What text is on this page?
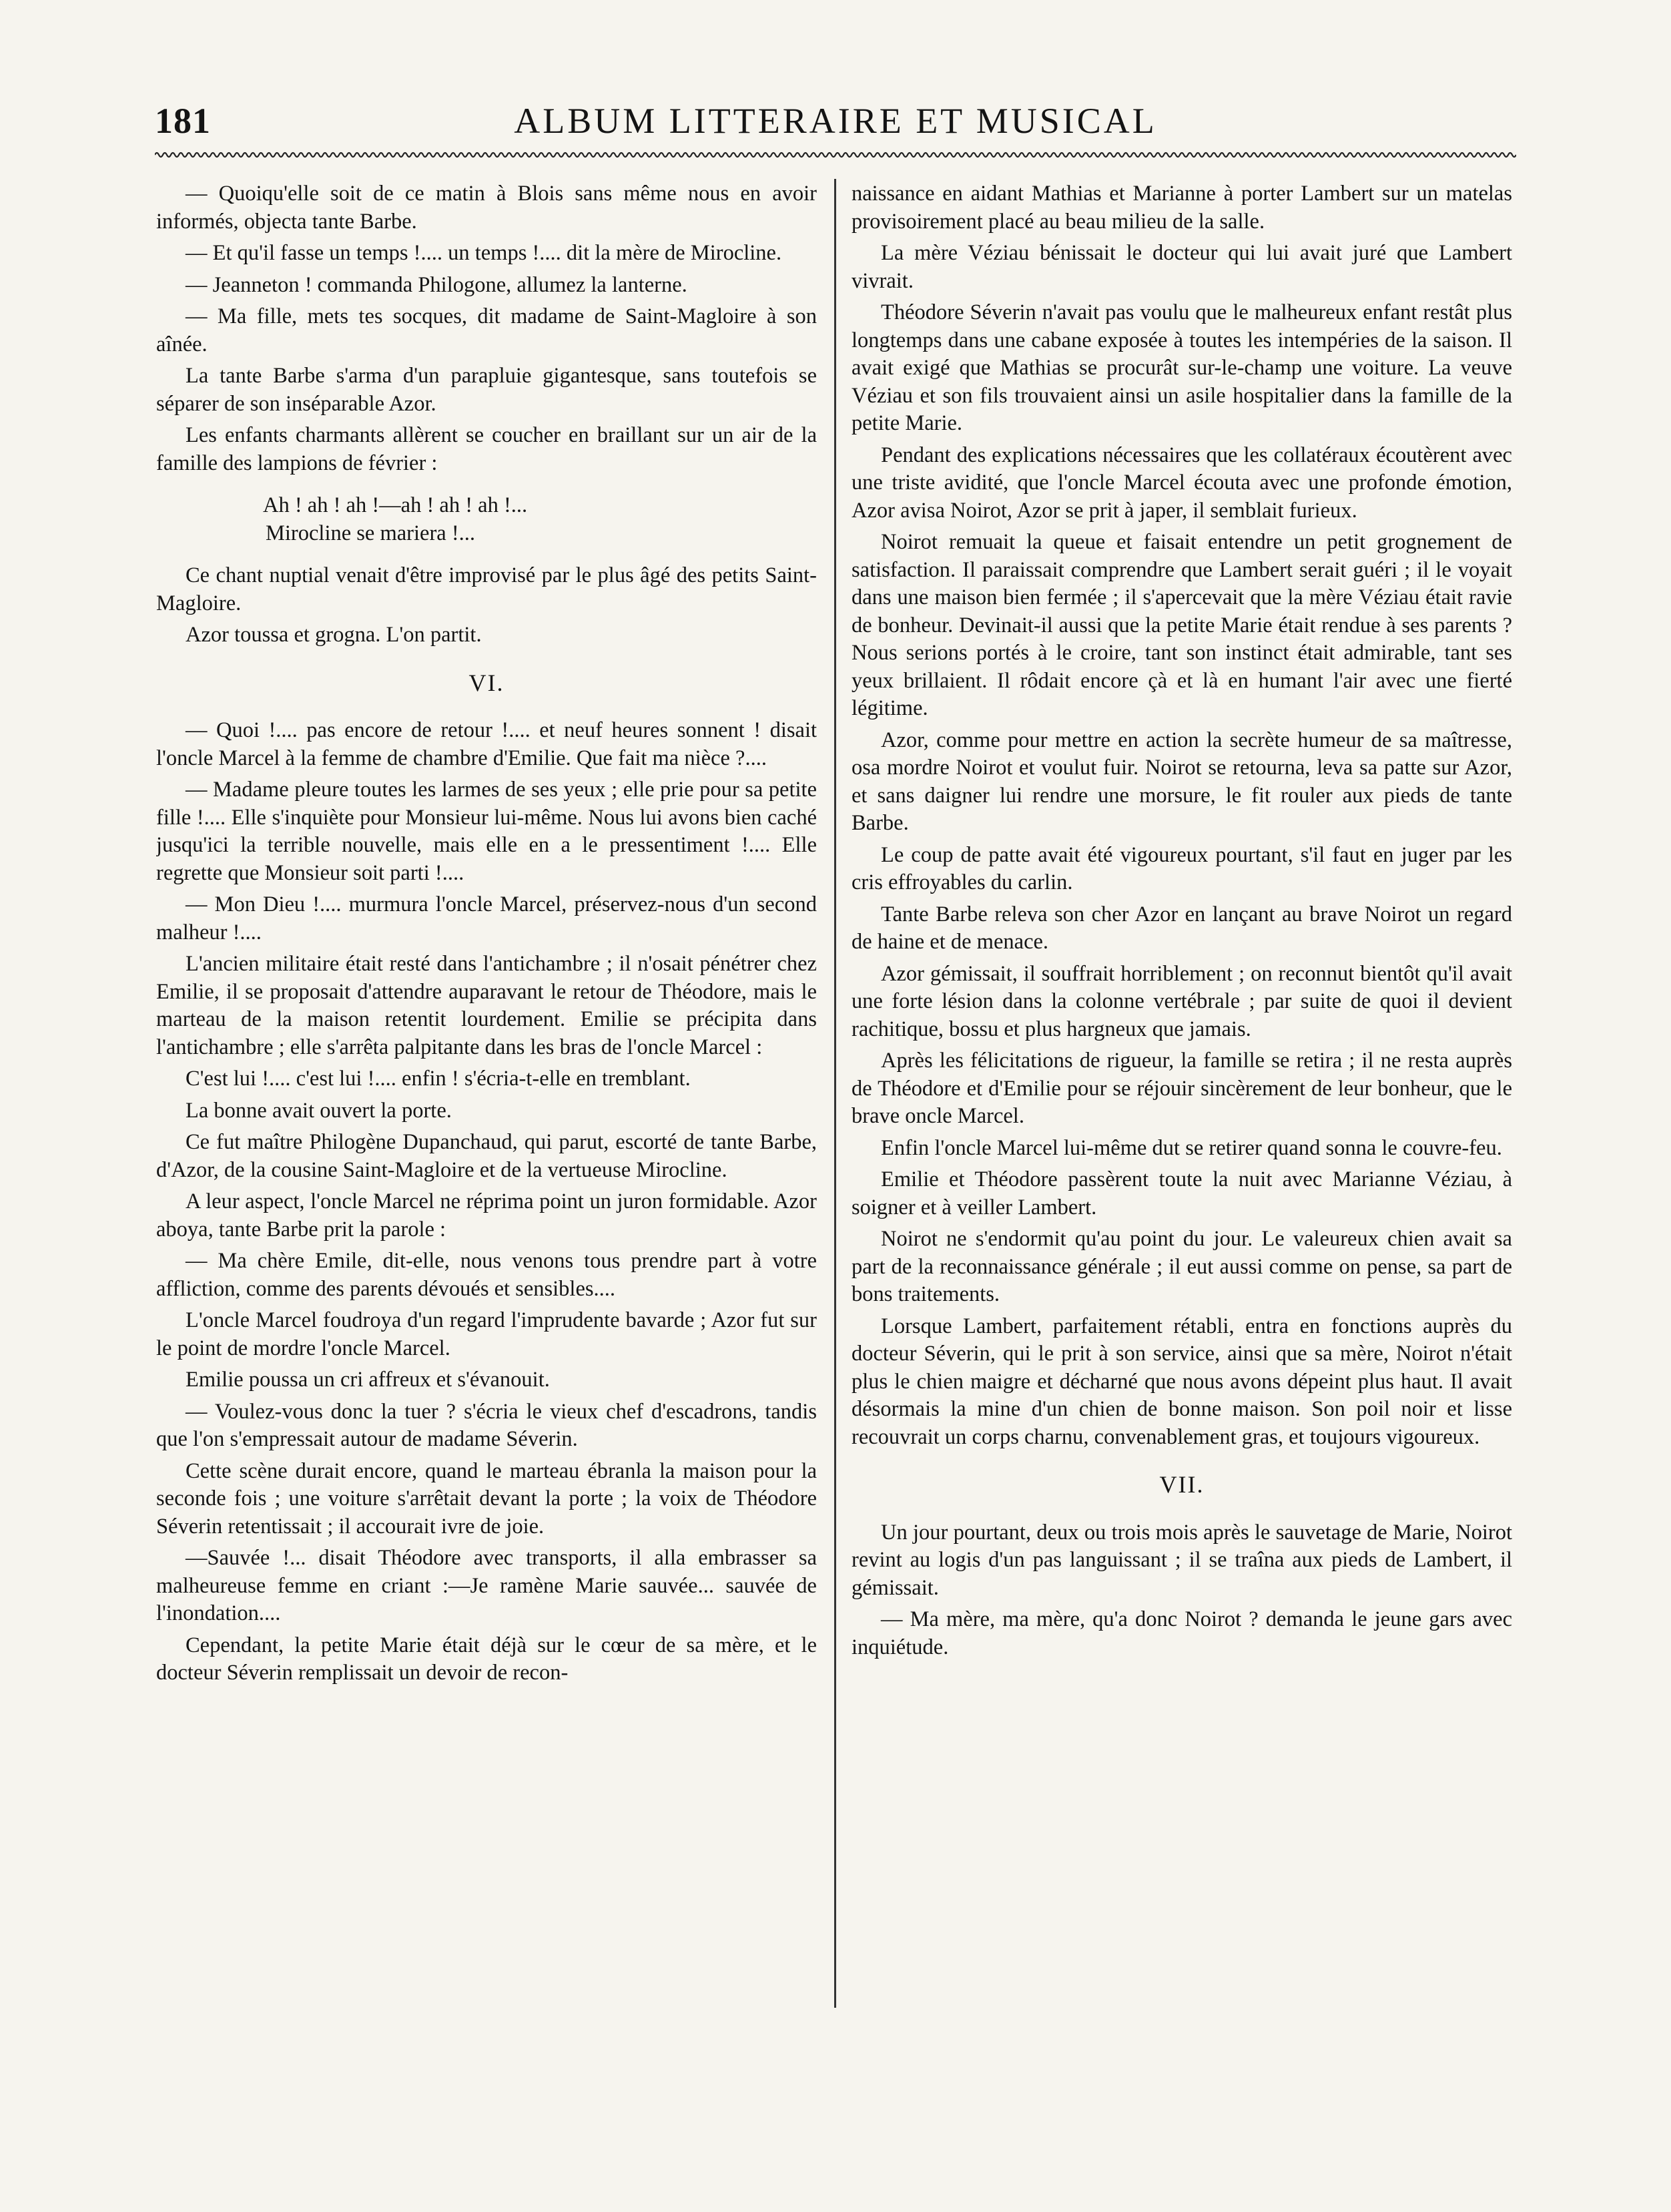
181	ALBUM LITTERAIRE ET MUSICAL

— Quoiqu'elle soit de ce matin à Blois sans même nous en avoir informés, objecta tante Barbe.

— Et qu'il fasse un temps !.... un temps !.... dit la mère de Mirocline.

— Jeanneton ! commanda Philogone, allumez la lanterne.

— Ma fille, mets tes socques, dit madame de Saint-Magloire à son aînée.

La tante Barbe s'arma d'un parapluie gigantesque, sans toutefois se séparer de son inséparable Azor.

Les enfants charmants allèrent se coucher en braillant sur un air de la famille des lampions de février :

Ah ! ah ! ah !—ah ! ah ! ah !...
Mirocline se mariera !...

Ce chant nuptial venait d'être improvisé par le plus âgé des petits Saint-Magloire.

Azor toussa et grogna. L'on partit.

VI.

— Quoi !.... pas encore de retour !.... et neuf heures sonnent ! disait l'oncle Marcel à la femme de chambre d'Emilie. Que fait ma nièce ?....

— Madame pleure toutes les larmes de ses yeux ; elle prie pour sa petite fille !.... Elle s'inquiète pour Monsieur lui-même. Nous lui avons bien caché jusqu'ici la terrible nouvelle, mais elle en a le pressentiment !.... Elle regrette que Monsieur soit parti !....

— Mon Dieu !.... murmura l'oncle Marcel, préservez-nous d'un second malheur !....

L'ancien militaire était resté dans l'antichambre ; il n'osait pénétrer chez Emilie, il se proposait d'attendre auparavant le retour de Théodore, mais le marteau de la maison retentit lourdement. Emilie se précipita dans l'antichambre ; elle s'arrêta palpitante dans les bras de l'oncle Marcel :

C'est lui !.... c'est lui !.... enfin ! s'écria-t-elle en tremblant.

La bonne avait ouvert la porte.

Ce fut maître Philogène Dupanchaud, qui parut, escorté de tante Barbe, d'Azor, de la cousine Saint-Magloire et de la vertueuse Mirocline.

A leur aspect, l'oncle Marcel ne réprima point un juron formidable. Azor aboya, tante Barbe prit la parole :

— Ma chère Emile, dit-elle, nous venons tous prendre part à votre affliction, comme des parents dévoués et sensibles....

L'oncle Marcel foudroya d'un regard l'imprudente bavarde ; Azor fut sur le point de mordre l'oncle Marcel.

Emilie poussa un cri affreux et s'évanouit.

— Voulez-vous donc la tuer ? s'écria le vieux chef d'escadrons, tandis que l'on s'empressait autour de madame Séverin.

Cette scène durait encore, quand le marteau ébranla la maison pour la seconde fois ; une voiture s'arrêtait devant la porte ; la voix de Théodore Séverin retentissait ; il accourait ivre de joie.

—Sauvée !... disait Théodore avec transports, il alla embrasser sa malheureuse femme en criant :—Je ramène Marie sauvée... sauvée de l'inondation....

Cependant, la petite Marie était déjà sur le cœur de sa mère, et le docteur Séverin remplissait un devoir de recon-

naissance en aidant Mathias et Marianne à porter Lambert sur un matelas provisoirement placé au beau milieu de la salle.

La mère Véziau bénissait le docteur qui lui avait juré que Lambert vivrait.

Théodore Séverin n'avait pas voulu que le malheureux enfant restât plus longtemps dans une cabane exposée à toutes les intempéries de la saison. Il avait exigé que Mathias se procurât sur-le-champ une voiture. La veuve Véziau et son fils trouvaient ainsi un asile hospitalier dans la famille de la petite Marie.

Pendant des explications nécessaires que les collatéraux écoutèrent avec une triste avidité, que l'oncle Marcel écouta avec une profonde émotion, Azor avisa Noirot, Azor se prit à japer, il semblait furieux.

Noirot remuait la queue et faisait entendre un petit grognement de satisfaction. Il paraissait comprendre que Lambert serait guéri ; il le voyait dans une maison bien fermée ; il s'apercevait que la mère Véziau était ravie de bonheur. Devinait-il aussi que la petite Marie était rendue à ses parents ? Nous serions portés à le croire, tant son instinct était admirable, tant ses yeux brillaient. Il rôdait encore çà et là en humant l'air avec une fierté légitime.

Azor, comme pour mettre en action la secrète humeur de sa maîtresse, osa mordre Noirot et voulut fuir. Noirot se retourna, leva sa patte sur Azor, et sans daigner lui rendre une morsure, le fit rouler aux pieds de tante Barbe.

Le coup de patte avait été vigoureux pourtant, s'il faut en juger par les cris effroyables du carlin.

Tante Barbe releva son cher Azor en lançant au brave Noirot un regard de haine et de menace.

Azor gémissait, il souffrait horriblement ; on reconnut bientôt qu'il avait une forte lésion dans la colonne vertébrale ; par suite de quoi il devient rachitique, bossu et plus hargneux que jamais.

Après les félicitations de rigueur, la famille se retira ; il ne resta auprès de Théodore et d'Emilie pour se réjouir sincèrement de leur bonheur, que le brave oncle Marcel.

Enfin l'oncle Marcel lui-même dut se retirer quand sonna le couvre-feu.

Emilie et Théodore passèrent toute la nuit avec Marianne Véziau, à soigner et à veiller Lambert.

Noirot ne s'endormit qu'au point du jour. Le valeureux chien avait sa part de la reconnaissance générale ; il eut aussi comme on pense, sa part de bons traitements.

Lorsque Lambert, parfaitement rétabli, entra en fonctions auprès du docteur Séverin, qui le prit à son service, ainsi que sa mère, Noirot n'était plus le chien maigre et décharné que nous avons dépeint plus haut. Il avait désormais la mine d'un chien de bonne maison. Son poil noir et lisse recouvrait un corps charnu, convenablement gras, et toujours vigoureux.

VII.

Un jour pourtant, deux ou trois mois après le sauvetage de Marie, Noirot revint au logis d'un pas languissant ; il se traîna aux pieds de Lambert, il gémissait.

— Ma mère, ma mère, qu'a donc Noirot ? demanda le jeune gars avec inquiétude.
